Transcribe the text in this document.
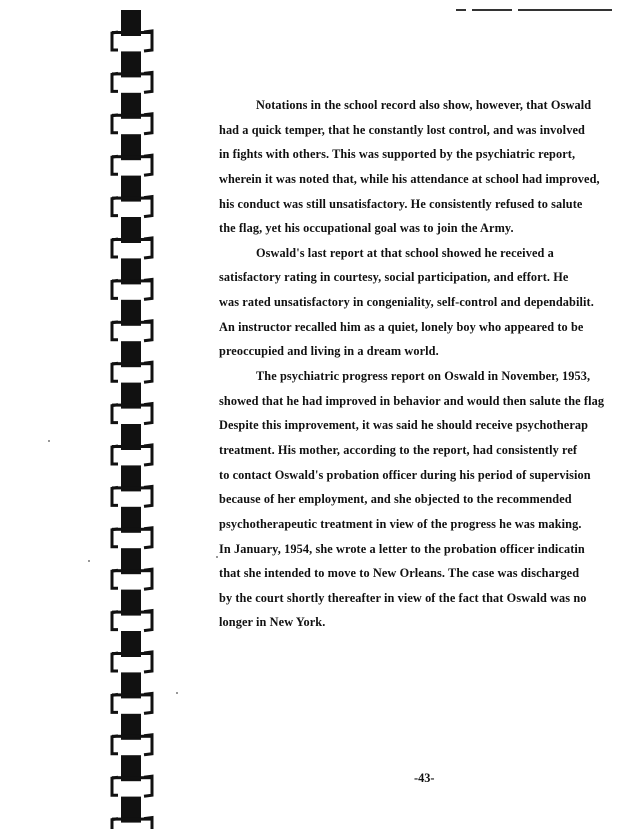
Notations in the school record also show, however, that Oswald
had a quick temper, that he constantly lost control, and was involved
in fights with others. This was supported by the psychiatric report,
wherein it was noted that, while his attendance at school had improved,
his conduct was still unsatisfactory. He consistently refused to salute
the flag, yet his occupational goal was to join the Army.
Oswald's last report at that school showed he received a
satisfactory rating in courtesy, social participation, and effort. He
was rated unsatisfactory in congeniality, self-control and dependabilit.
An instructor recalled him as a quiet, lonely boy who appeared to be
preoccupied and living in a dream world.
The psychiatric progress report on Oswald in November, 1953,
showed that he had improved in behavior and would then salute the flag
Despite this improvement, it was said he should receive psychotherap
treatment. His mother, according to the report, had consistently ref
to contact Oswald's probation officer during his period of supervision
because of her employment, and she objected to the recommended
psychotherapeutic treatment in view of the progress he was making.
In January, 1954, she wrote a letter to the probation officer indicatin
that she intended to move to New Orleans. The case was discharged
by the court shortly thereafter in view of the fact that Oswald was no
longer in New York.
-43-
